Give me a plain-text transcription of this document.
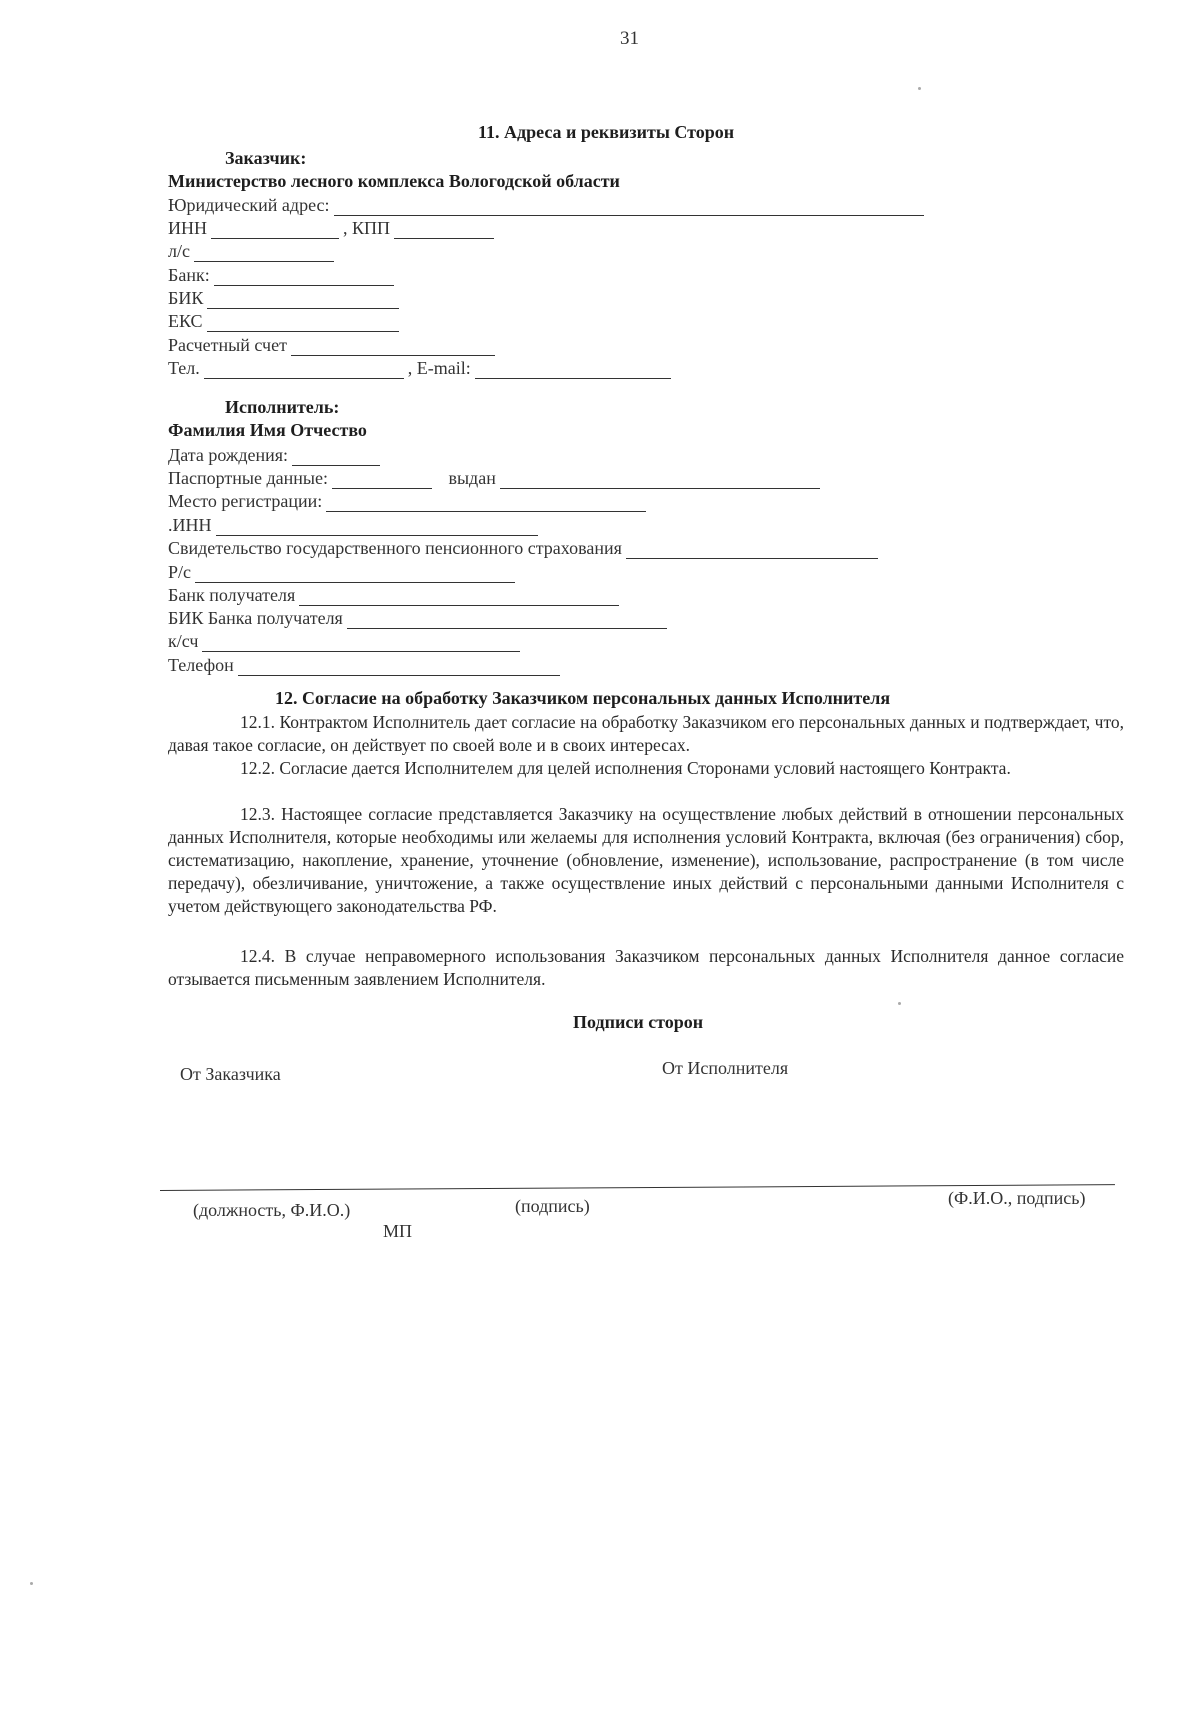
31
11. Адреса и реквизиты Сторон
Заказчик:
Министерство лесного комплекса Вологодской области
Юридический адрес:
ИНН	, КПП
л/с
Банк:
БИК
ЕКС
Расчетный счет
Тел.	, E-mail:
Исполнитель:
Фамилия Имя Отчество
Дата рождения:
Паспортные данные:	выдан
Место регистрации:
.ИНН
Свидетельство государственного пенсионного страхования
Р/с
Банк получателя
БИК Банка получателя
к/сч
Телефон
12. Согласие на обработку Заказчиком персональных данных Исполнителя
12.1. Контрактом Исполнитель дает согласие на обработку Заказчиком его персональных данных и подтверждает, что, давая такое согласие, он действует по своей воле и в своих интересах.
12.2. Согласие дается Исполнителем для целей исполнения Сторонами условий настоящего Контракта.
12.3. Настоящее согласие представляется Заказчику на осуществление любых действий в отношении персональных данных Исполнителя, которые необходимы или желаемы для исполнения условий Контракта, включая (без ограничения) сбор, систематизацию, накопление, хранение, уточнение (обновление, изменение), использование, распространение (в том числе передачу), обезличивание, уничтожение, а также осуществление иных действий с персональными данными Исполнителя с учетом действующего законодательства РФ.
12.4. В случае неправомерного использования Заказчиком персональных данных Исполнителя данное согласие отзывается письменным заявлением Исполнителя.
Подписи сторон
От Заказчика	От Исполнителя
(должность, Ф.И.О.)	(подпись)	(Ф.И.О., подпись)
МП
